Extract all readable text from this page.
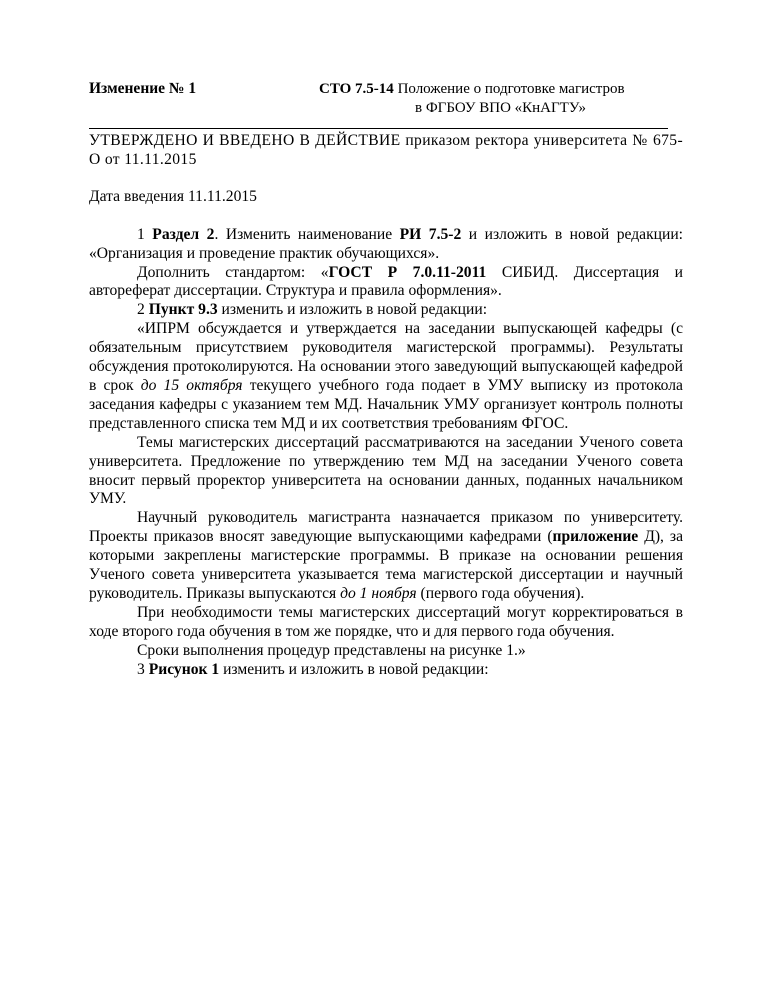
Изменение № 1	СТО 7.5-14 Положение о подготовке магистров
в ФГБОУ ВПО «КнАГТУ»

УТВЕРЖДЕНО И ВВЕДЕНО В ДЕЙСТВИЕ приказом ректора университета № 675-О от 11.11.2015

Дата введения 11.11.2015

1 Раздел 2. Изменить наименование РИ 7.5-2 и изложить в новой редакции: «Организация и проведение практик обучающихся».

Дополнить стандартом: «ГОСТ Р 7.0.11-2011 СИБИД. Диссертация и автореферат диссертации. Структура и правила оформления».

2 Пункт 9.3 изменить и изложить в новой редакции:

«ИПРМ обсуждается и утверждается на заседании выпускающей кафедры (с обязательным присутствием руководителя магистерской программы). Результаты обсуждения протоколируются. На основании этого заведующий выпускающей кафедрой в срок до 15 октября текущего учебного года подает в УМУ выписку из протокола заседания кафедры с указанием тем МД. Начальник УМУ организует контроль полноты представленного списка тем МД и их соответствия требованиям ФГОС.

Темы магистерских диссертаций рассматриваются на заседании Ученого совета университета. Предложение по утверждению тем МД на заседании Ученого совета вносит первый проректор университета на основании данных, поданных начальником УМУ.

Научный руководитель магистранта назначается приказом по университету. Проекты приказов вносят заведующие выпускающими кафедрами (приложение Д), за которыми закреплены магистерские программы. В приказе на основании решения Ученого совета университета указывается тема магистерской диссертации и научный руководитель. Приказы выпускаются до 1 ноября (первого года обучения).

При необходимости темы магистерских диссертаций могут корректироваться в ходе второго года обучения в том же порядке, что и для первого года обучения.

Сроки выполнения процедур представлены на рисунке 1.»

3 Рисунок 1 изменить и изложить в новой редакции:
